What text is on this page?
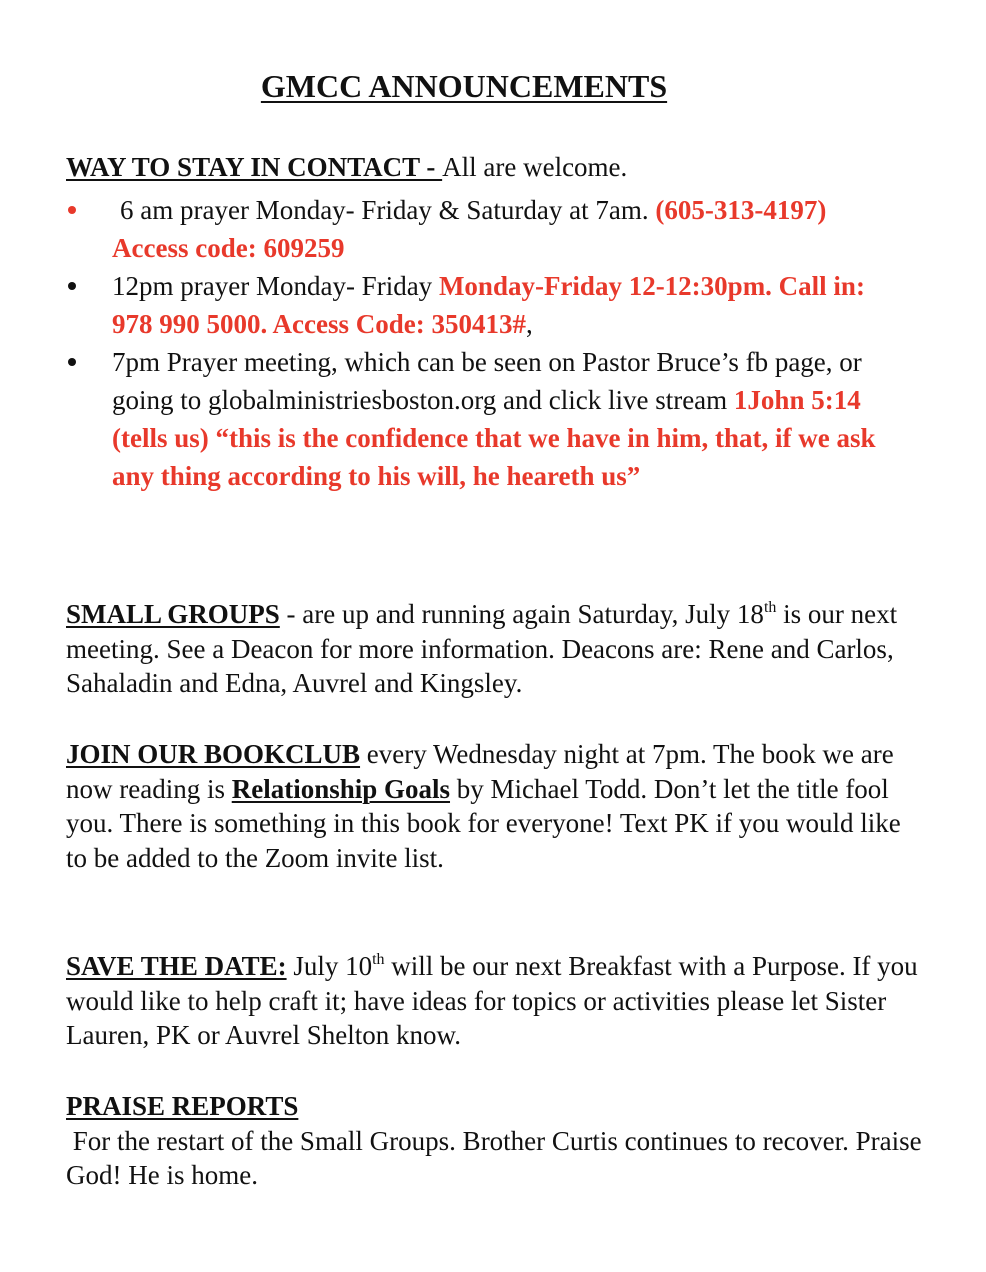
GMCC ANNOUNCEMENTS
WAY TO STAY IN CONTACT - All are welcome.
6 am prayer Monday- Friday & Saturday at 7am. (605-313-4197) Access code: 609259
12pm prayer Monday- Friday Monday-Friday 12-12:30pm. Call in: 978 990 5000. Access Code: 350413#,
7pm Prayer meeting, which can be seen on Pastor Bruce’s fb page, or going to globalministriesboston.org and click live stream 1John 5:14 (tells us) “this is the confidence that we have in him, that, if we ask any thing according to his will, he heareth us”
SMALL GROUPS - are up and running again Saturday, July 18th is our next meeting. See a Deacon for more information. Deacons are: Rene and Carlos, Sahaladin and Edna, Auvrel and Kingsley.
JOIN OUR BOOKCLUB every Wednesday night at 7pm. The book we are now reading is Relationship Goals by Michael Todd. Don’t let the title fool you. There is something in this book for everyone! Text PK if you would like to be added to the Zoom invite list.
SAVE THE DATE: July 10th will be our next Breakfast with a Purpose. If you would like to help craft it; have ideas for topics or activities please let Sister Lauren, PK or Auvrel Shelton know.
PRAISE REPORTS
For the restart of the Small Groups. Brother Curtis continues to recover. Praise God! He is home.
